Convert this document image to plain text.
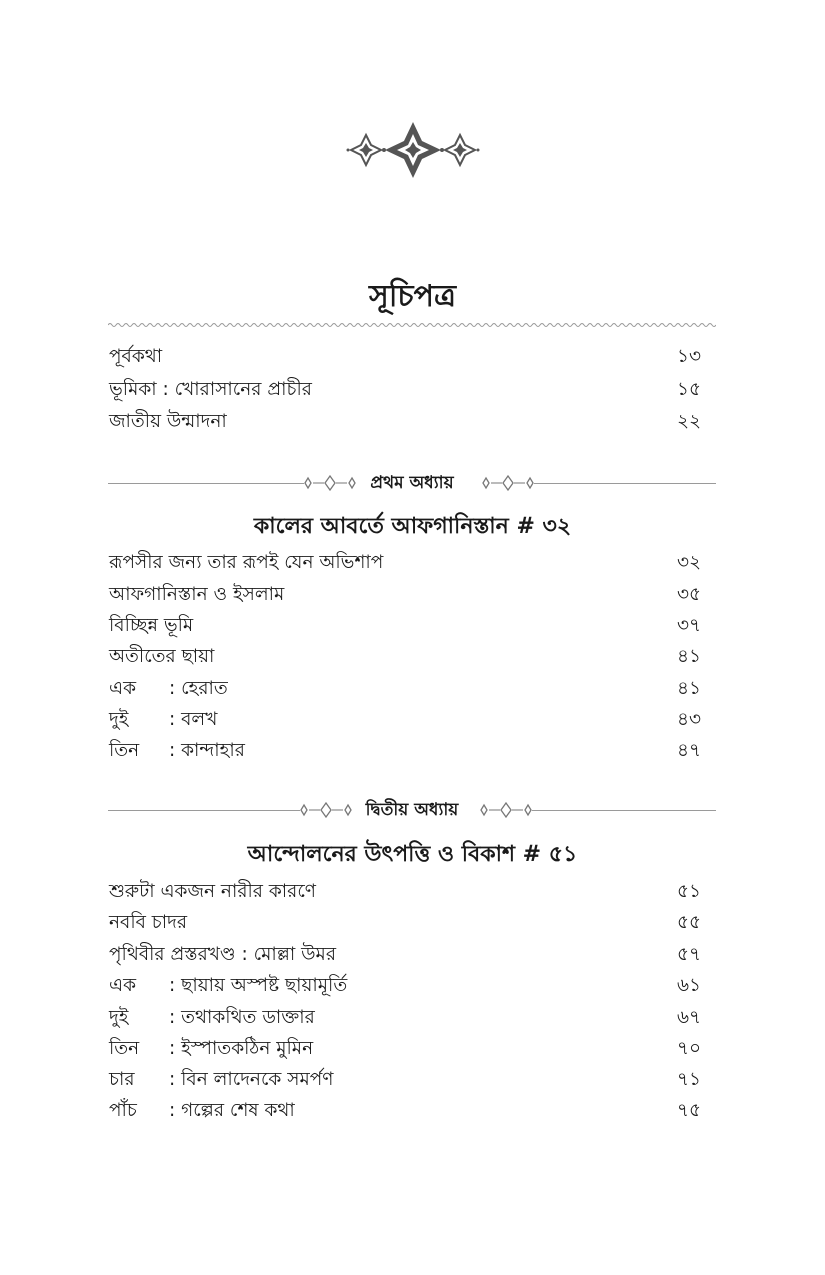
সূচিপত্র
পূর্বকথা	১৩
ভূমিকা : খোরাসানের প্রাচীর	১৫
জাতীয় উন্মাদনা	২২
প্রথম অধ্যায়
কালের আবর্তে আফগানিস্তান # ৩২
রূপসীর জন্য তার রূপই যেন অভিশাপ	৩২
আফগানিস্তান ও ইসলাম	৩৫
বিচ্ছিন্ন ভূমি	৩৭
অতীতের ছায়া	৪১
এক : হেরাত	৪১
দুই : বলখ	৪৩
তিন : কান্দাহার	৪৭
দ্বিতীয় অধ্যায়
আন্দোলনের উৎপত্তি ও বিকাশ # ৫১
শুরুটা একজন নারীর কারণে	৫১
নববি চাদর	৫৫
পৃথিবীর প্রস্তরখণ্ড : মোল্লা উমর	৫৭
এক : ছায়ায় অস্পষ্ট ছায়ামূর্তি	৬১
দুই : তথাকথিত ডাক্তার	৬৭
তিন : ইস্পাতকঠিন মুমিন	৭০
চার : বিন লাদেনকে সমর্পণ	৭১
পাঁচ : গল্পের শেষ কথা	৭৫
